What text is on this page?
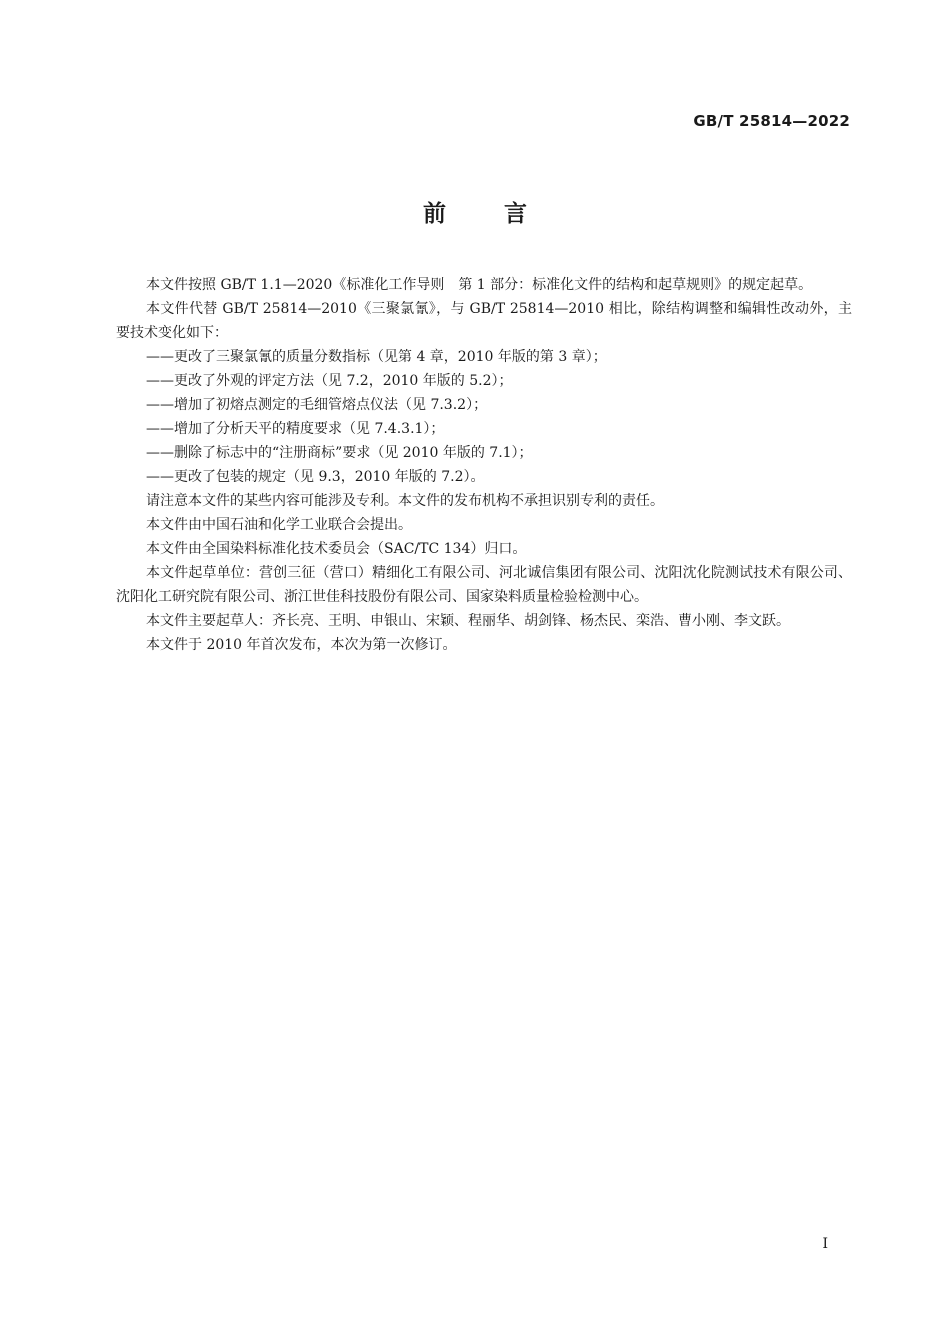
GB/T 25814—2022
前言

本文件按照 GB/T 1.1—2020《标准化工作导则　第 1 部分：标准化文件的结构和起草规则》的规定起草。

本文件代替 GB/T 25814—2010《三聚氯氰》，与 GB/T 25814—2010 相比，除结构调整和编辑性改动外，主要技术变化如下：

——更改了三聚氯氰的质量分数指标（见第 4 章，2010 年版的第 3 章）；

——更改了外观的评定方法（见 7.2，2010 年版的 5.2）；

——增加了初熔点测定的毛细管熔点仪法（见 7.3.2）；

——增加了分析天平的精度要求（见 7.4.3.1）；

——删除了标志中的“注册商标”要求（见 2010 年版的 7.1）；

——更改了包装的规定（见 9.3，2010 年版的 7.2）。

请注意本文件的某些内容可能涉及专利。本文件的发布机构不承担识别专利的责任。

本文件由中国石油和化学工业联合会提出。

本文件由全国染料标准化技术委员会（SAC/TC 134）归口。

本文件起草单位：营创三征（营口）精细化工有限公司、河北诚信集团有限公司、沈阳沈化院测试技术有限公司、沈阳化工研究院有限公司、浙江世佳科技股份有限公司、国家染料质量检验检测中心。

本文件主要起草人：齐长亮、王明、申银山、宋颖、程丽华、胡剑锋、杨杰民、栾浩、曹小刚、李文跃。

本文件于 2010 年首次发布，本次为第一次修订。

I
